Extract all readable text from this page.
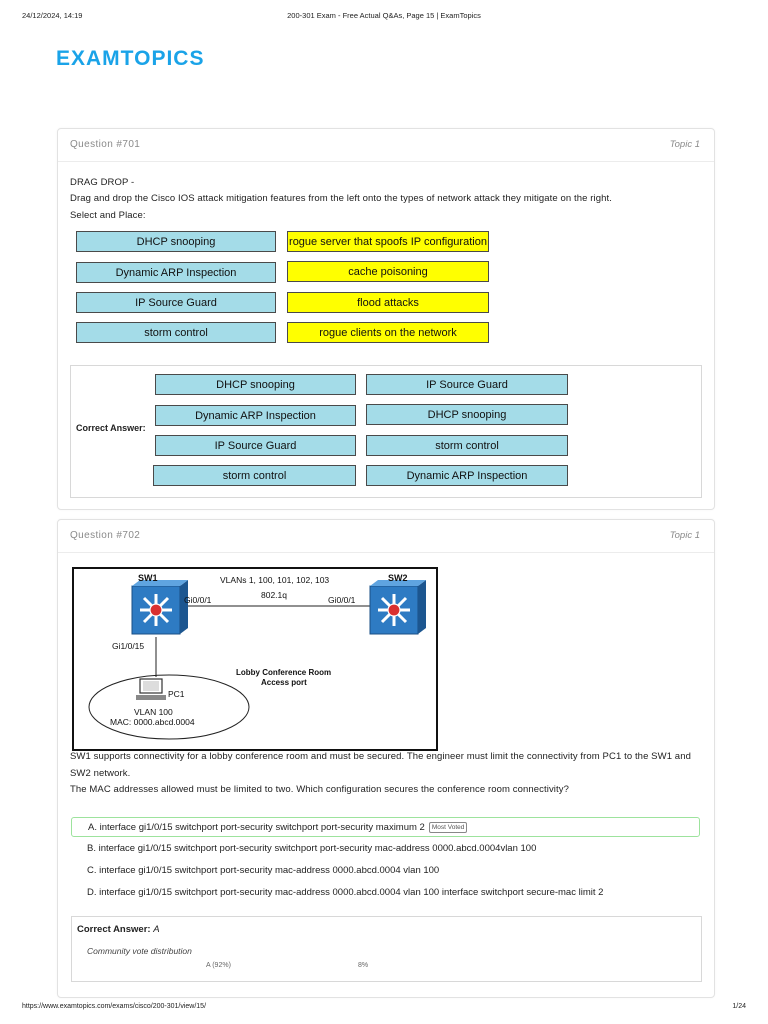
24/12/2024, 14:19	200-301 Exam - Free Actual Q&As, Page 15 | ExamTopics
EXAMTOPICS
Question #701	Topic 1
DRAG DROP -
Drag and drop the Cisco IOS attack mitigation features from the left onto the types of network attack they mitigate on the right.
Select and Place:
DHCP snooping	rogue server that spoofs IP configuration
Dynamic ARP Inspection	cache poisoning
IP Source Guard	flood attacks
storm control	rogue clients on the network
Correct Answer:
DHCP snooping	IP Source Guard
Dynamic ARP Inspection	DHCP snooping
IP Source Guard	storm control
storm control	Dynamic ARP Inspection
Question #702	Topic 1
SW1	SW2
VLANs 1, 100, 101, 102, 103
802.1q
Gi0/0/1	Gi0/0/1
Gi1/0/15
PC1
VLAN 100
MAC: 0000.abcd.0004
Lobby Conference Room
Access port
SW1 supports connectivity for a lobby conference room and must be secured. The engineer must limit the connectivity from PC1 to the SW1 and
SW2 network.
The MAC addresses allowed must be limited to two. Which configuration secures the conference room connectivity?
A. interface gi1/0/15 switchport port-security switchport port-security maximum 2	Most Voted
B. interface gi1/0/15 switchport port-security switchport port-security mac-address 0000.abcd.0004vlan 100
C. interface gi1/0/15 switchport port-security mac-address 0000.abcd.0004 vlan 100
D. interface gi1/0/15 switchport port-security mac-address 0000.abcd.0004 vlan 100 interface switchport secure-mac limit 2
Correct Answer: A
Community vote distribution
A (92%)	8%
https://www.examtopics.com/exams/cisco/200-301/view/15/	1/24
